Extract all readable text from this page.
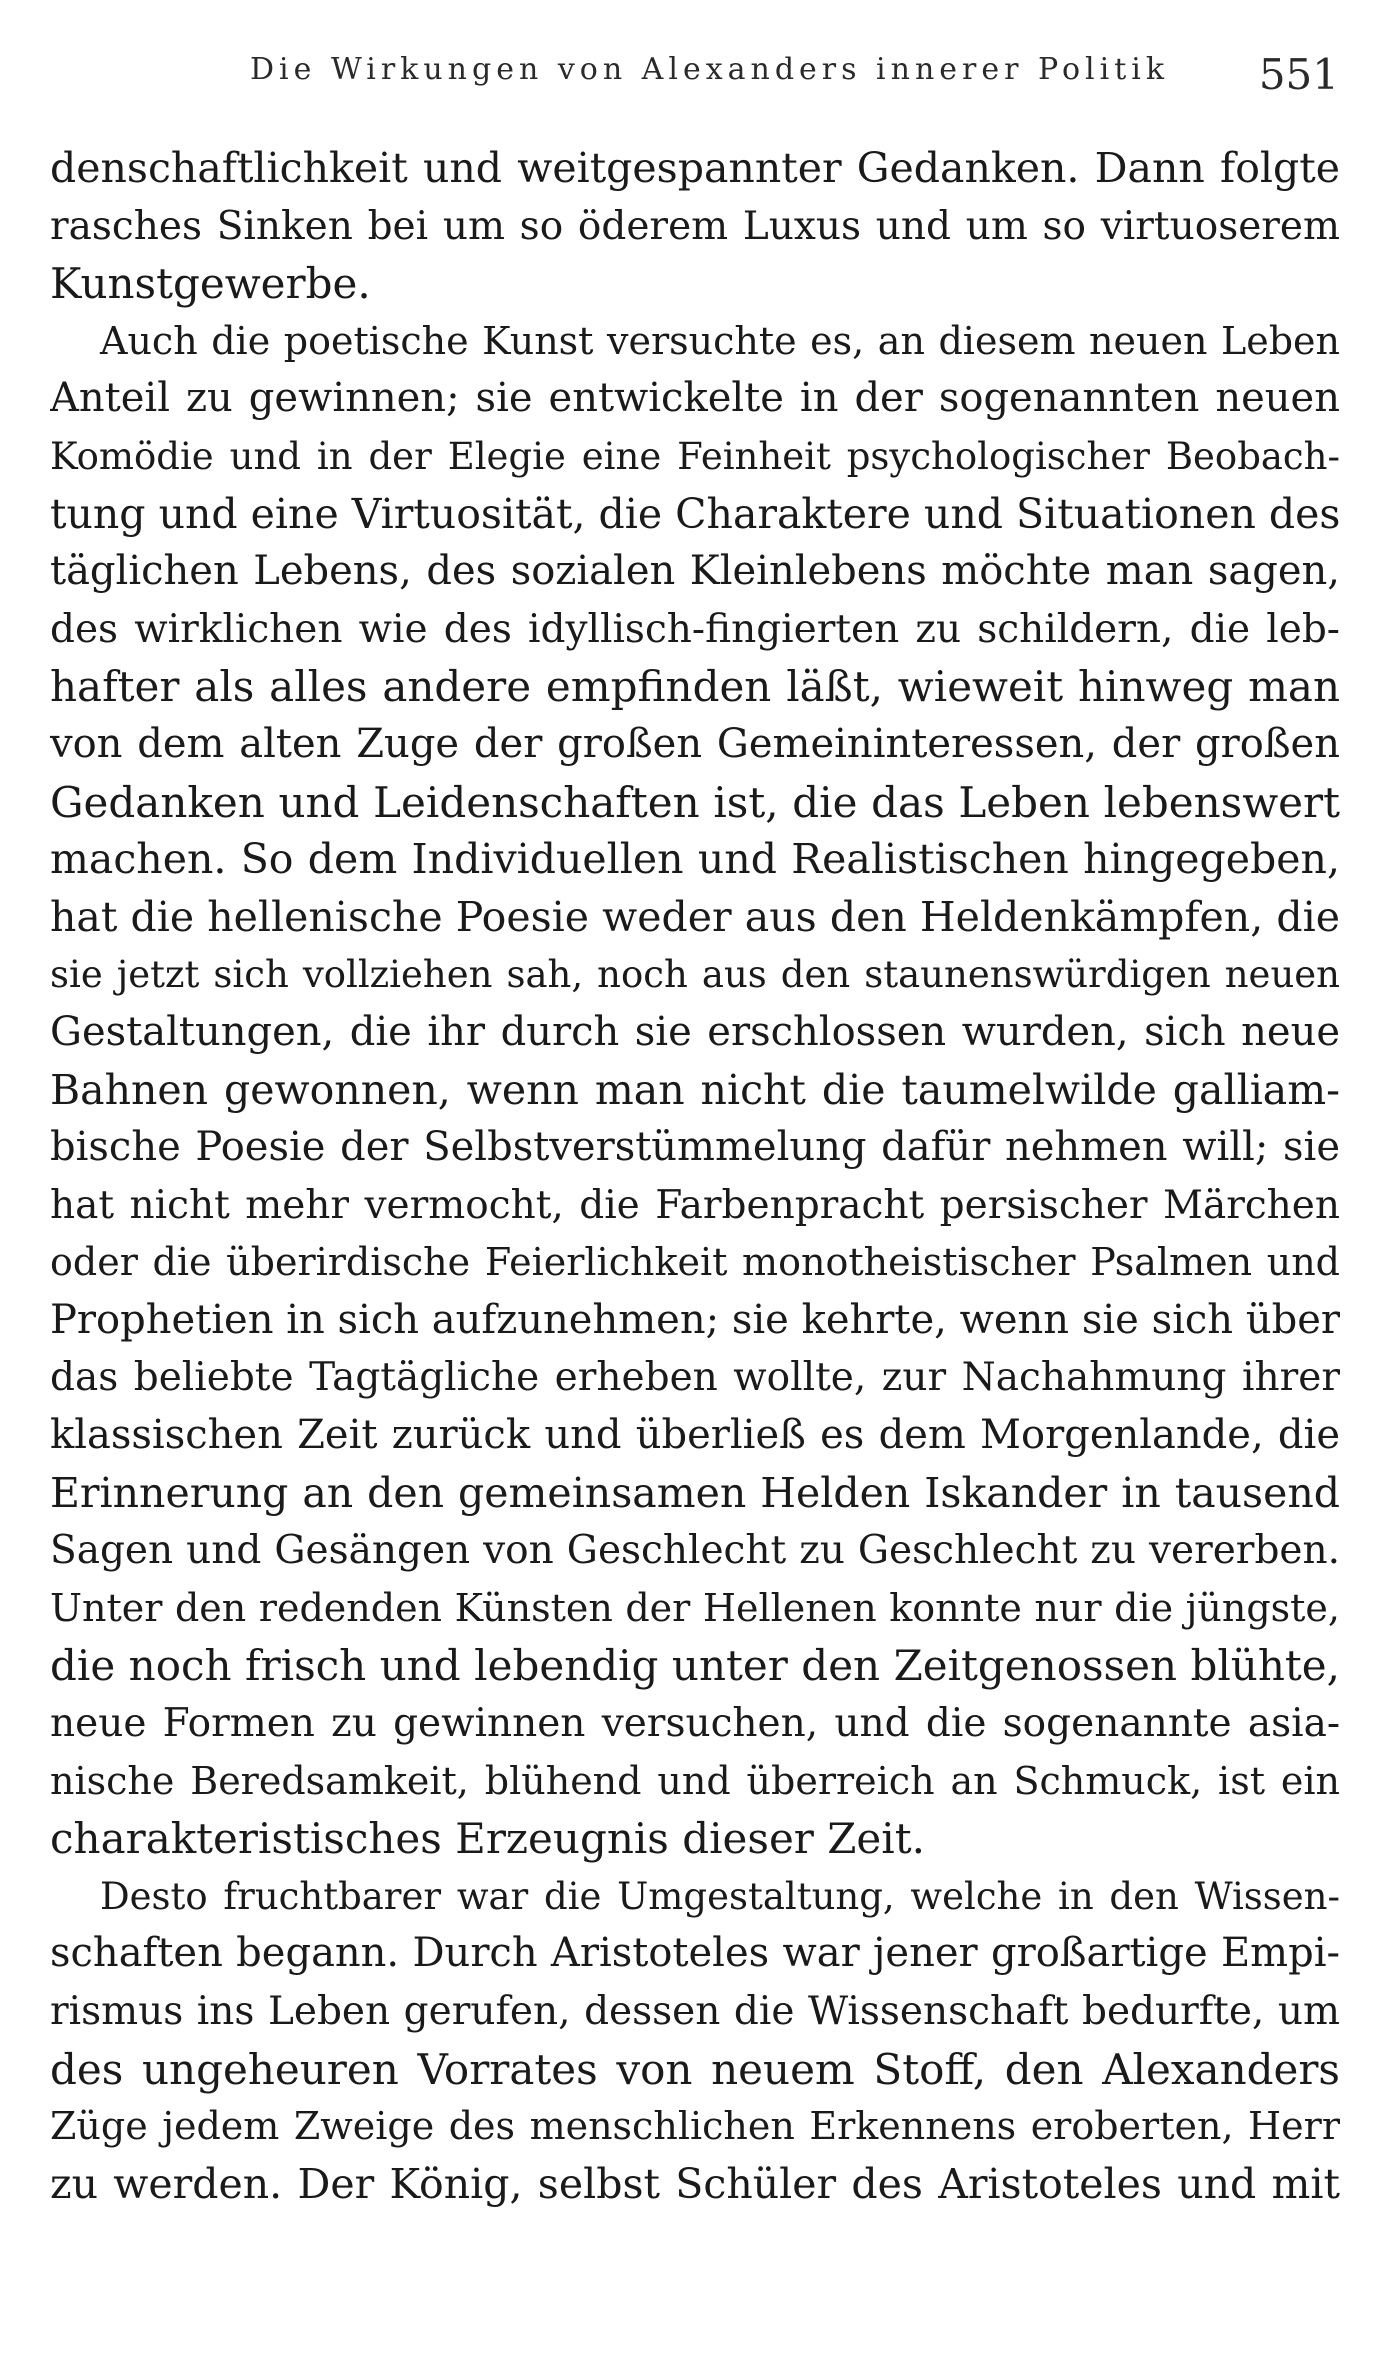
Die Wirkungen von Alexanders innerer Politik 551
denschaftlichkeit und weitgespannter Gedanken. Dann folgte
rasches Sinken bei um so öderem Luxus und um so virtuoserem
Kunstgewerbe.
Auch die poetische Kunst versuchte es, an diesem neuen Leben
Anteil zu gewinnen; sie entwickelte in der sogenannten neuen
Komödie und in der Elegie eine Feinheit psychologischer Beobach-
tung und eine Virtuosität, die Charaktere und Situationen des
täglichen Lebens, des sozialen Kleinlebens möchte man sagen,
des wirklichen wie des idyllisch-fingierten zu schildern, die leb-
hafter als alles andere empfinden läßt, wieweit hinweg man
von dem alten Zuge der großen Gemeininteressen, der großen
Gedanken und Leidenschaften ist, die das Leben lebenswert
machen. So dem Individuellen und Realistischen hingegeben,
hat die hellenische Poesie weder aus den Heldenkämpfen, die
sie jetzt sich vollziehen sah, noch aus den staunenswürdigen neuen
Gestaltungen, die ihr durch sie erschlossen wurden, sich neue
Bahnen gewonnen, wenn man nicht die taumelwilde galliam-
bische Poesie der Selbstverstümmelung dafür nehmen will; sie
hat nicht mehr vermocht, die Farbenpracht persischer Märchen
oder die überirdische Feierlichkeit monotheistischer Psalmen und
Prophetien in sich aufzunehmen; sie kehrte, wenn sie sich über
das beliebte Tagtägliche erheben wollte, zur Nachahmung ihrer
klassischen Zeit zurück und überließ es dem Morgenlande, die
Erinnerung an den gemeinsamen Helden Iskander in tausend
Sagen und Gesängen von Geschlecht zu Geschlecht zu vererben.
Unter den redenden Künsten der Hellenen konnte nur die jüngste,
die noch frisch und lebendig unter den Zeitgenossen blühte,
neue Formen zu gewinnen versuchen, und die sogenannte asia-
nische Beredsamkeit, blühend und überreich an Schmuck, ist ein
charakteristisches Erzeugnis dieser Zeit.
Desto fruchtbarer war die Umgestaltung, welche in den Wissen-
schaften begann. Durch Aristoteles war jener großartige Empi-
rismus ins Leben gerufen, dessen die Wissenschaft bedurfte, um
des ungeheuren Vorrates von neuem Stoff, den Alexanders
Züge jedem Zweige des menschlichen Erkennens eroberten, Herr
zu werden. Der König, selbst Schüler des Aristoteles und mit
